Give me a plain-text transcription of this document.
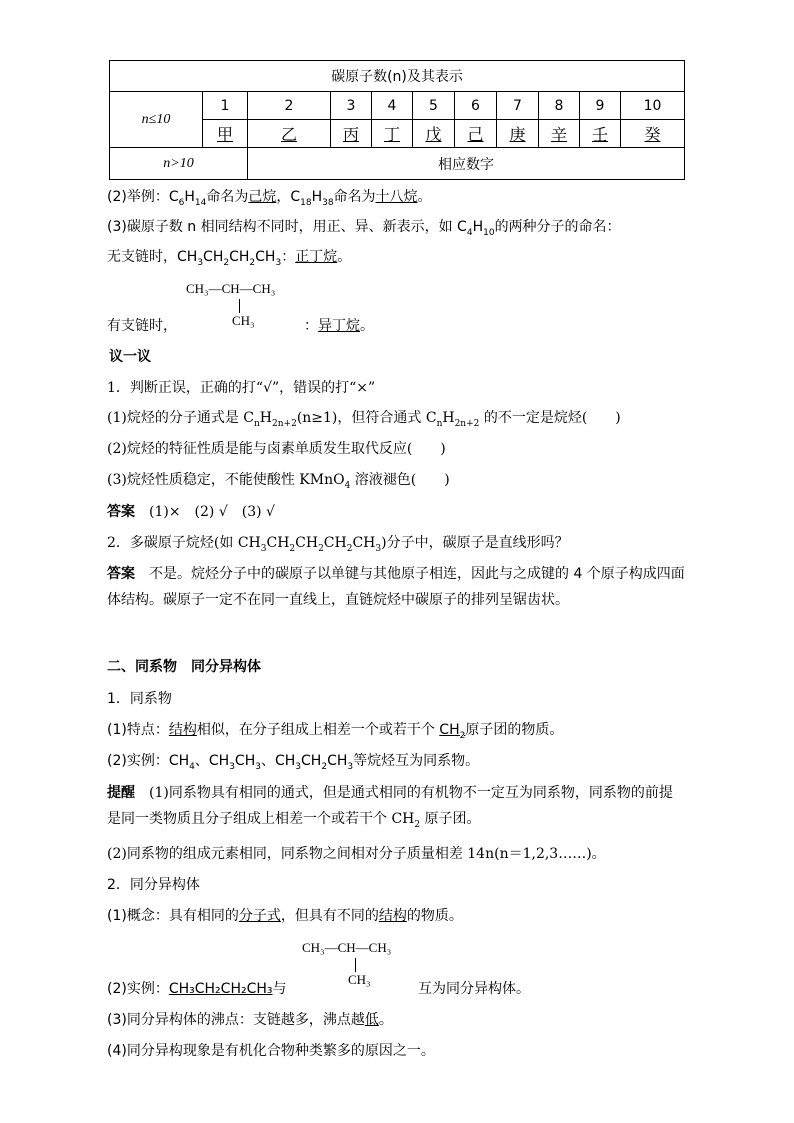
碳原子数(n)及其表示										
n≤10	1	2	3	4	5	6	7	8	9	10
	甲	乙	丙	丁	戊	己	庚	辛	壬	癸
n>10		相应数字								
(2)举例：$C_6H_{14}$命名为己烷，$C_{18}H_{38}$命名为十八烷。
(3)碳原子数 n 相同结构不同时，用正、异、新表示，如 $C_4H_{10}$的两种分子的命名：
无支链时，$CH_3CH_2CH_2CH_3$：正丁烷。
CH₃—CH—CH₃
CH₃
有支链时，	：异丁烷。
议一议
1．判断正误，正确的打“√”，错误的打“×”
(1)烷烃的分子通式是 $C_nH_{2n+2}(n\ge 1)$，但符合通式 $C_nH_{2n+2}$ 的不一定是烷烃(　　)
(2)烷烃的特征性质是能与卤素单质发生取代反应(　　)
(3)烷烃性质稳定，不能使酸性 KMnO$_4$ 溶液褪色(　　)
答案　(1)×　(2) √　(3) √
2．多碳原子烷烃(如 $CH_3CH_2CH_2CH_2CH_3$)分子中，碳原子是直线形吗？
答案　不是。烷烃分子中的碳原子以单键与其他原子相连，因此与之成键的 4 个原子构成四面体结构。碳原子一定不在同一直线上，直链烷烃中碳原子的排列呈锯齿状。
二、同系物　同分异构体
1．同系物
(1)特点：结构相似，在分子组成上相差一个或若干个 $CH_2$原子团的物质。
(2)实例：$CH_4$、$CH_3CH_3$、$CH_3CH_2CH_3$等烷烃互为同系物。
提醒　(1)同系物具有相同的通式，但是通式相同的有机物不一定互为同系物，同系物的前提是同一类物质且分子组成上相差一个或若干个 $CH_2$ 原子团。
(2)同系物的组成元素相同，同系物之间相对分子质量相差 14n(n＝1,2,3……)。
2．同分异构体
(1)概念：具有相同的分子式，但具有不同的结构的物质。
CH₃—CH—CH₃
CH₃
(2)实例：CH₃CH₂CH₂CH₃与	互为同分异构体。
(3)同分异构体的沸点：支链越多，沸点越低。
(4)同分异构现象是有机化合物种类繁多的原因之一。
